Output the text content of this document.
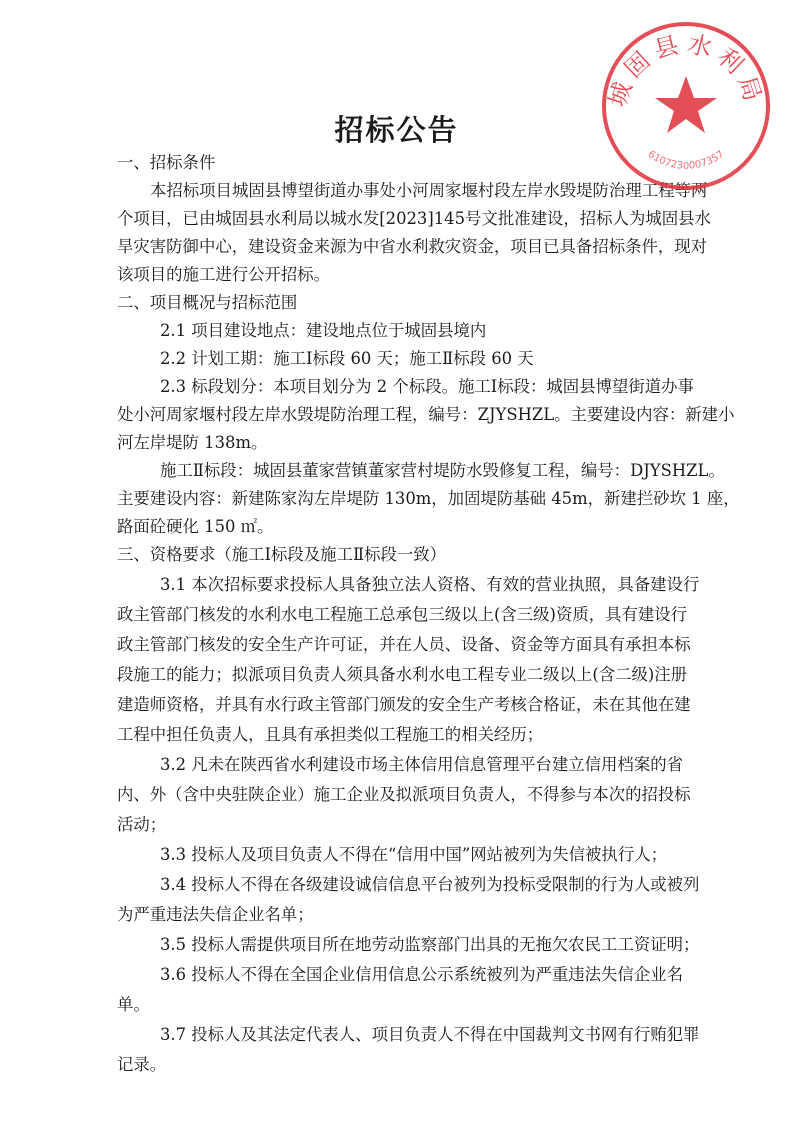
招标公告
一、招标条件
本招标项目城固县博望街道办事处小河周家堰村段左岸水毁堤防治理工程等两
个项目，已由城固县水利局以城水发[2023]145号文批准建设，招标人为城固县水
旱灾害防御中心，建设资金来源为中省水利救灾资金，项目已具备招标条件，现对
该项目的施工进行公开招标。
二、项目概况与招标范围
2.1 项目建设地点：建设地点位于城固县境内
2.2 计划工期：施工Ⅰ标段 60 天；施工Ⅱ标段 60 天
2.3 标段划分：本项目划分为 2 个标段。施工Ⅰ标段：城固县博望街道办事
处小河周家堰村段左岸水毁堤防治理工程，编号：ZJYSHZL。主要建设内容：新建小
河左岸堤防 138m。
施工Ⅱ标段：城固县董家营镇董家营村堤防水毁修复工程，编号：DJYSHZL。
主要建设内容：新建陈家沟左岸堤防 130m，加固堤防基础 45m，新建拦砂坎 1 座，
路面砼硬化 150 ㎡。
三、资格要求（施工Ⅰ标段及施工Ⅱ标段一致）
3.1 本次招标要求投标人具备独立法人资格、有效的营业执照，具备建设行
政主管部门核发的水利水电工程施工总承包三级以上(含三级)资质，具有建设行
政主管部门核发的安全生产许可证，并在人员、设备、资金等方面具有承担本标
段施工的能力；拟派项目负责人须具备水利水电工程专业二级以上(含二级)注册
建造师资格，并具有水行政主管部门颁发的安全生产考核合格证，未在其他在建
工程中担任负责人，且具有承担类似工程施工的相关经历；
3.2 凡未在陕西省水利建设市场主体信用信息管理平台建立信用档案的省
内、外（含中央驻陕企业）施工企业及拟派项目负责人，不得参与本次的招投标
活动；
3.3 投标人及项目负责人不得在“信用中国”网站被列为失信被执行人；
3.4 投标人不得在各级建设诚信信息平台被列为投标受限制的行为人或被列
为严重违法失信企业名单；
3.5 投标人需提供项目所在地劳动监察部门出具的无拖欠农民工工资证明；
3.6 投标人不得在全国企业信用信息公示系统被列为严重违法失信企业名
单。
3.7 投标人及其法定代表人、项目负责人不得在中国裁判文书网有行贿犯罪
记录。
城固县水利局
6107230007357
